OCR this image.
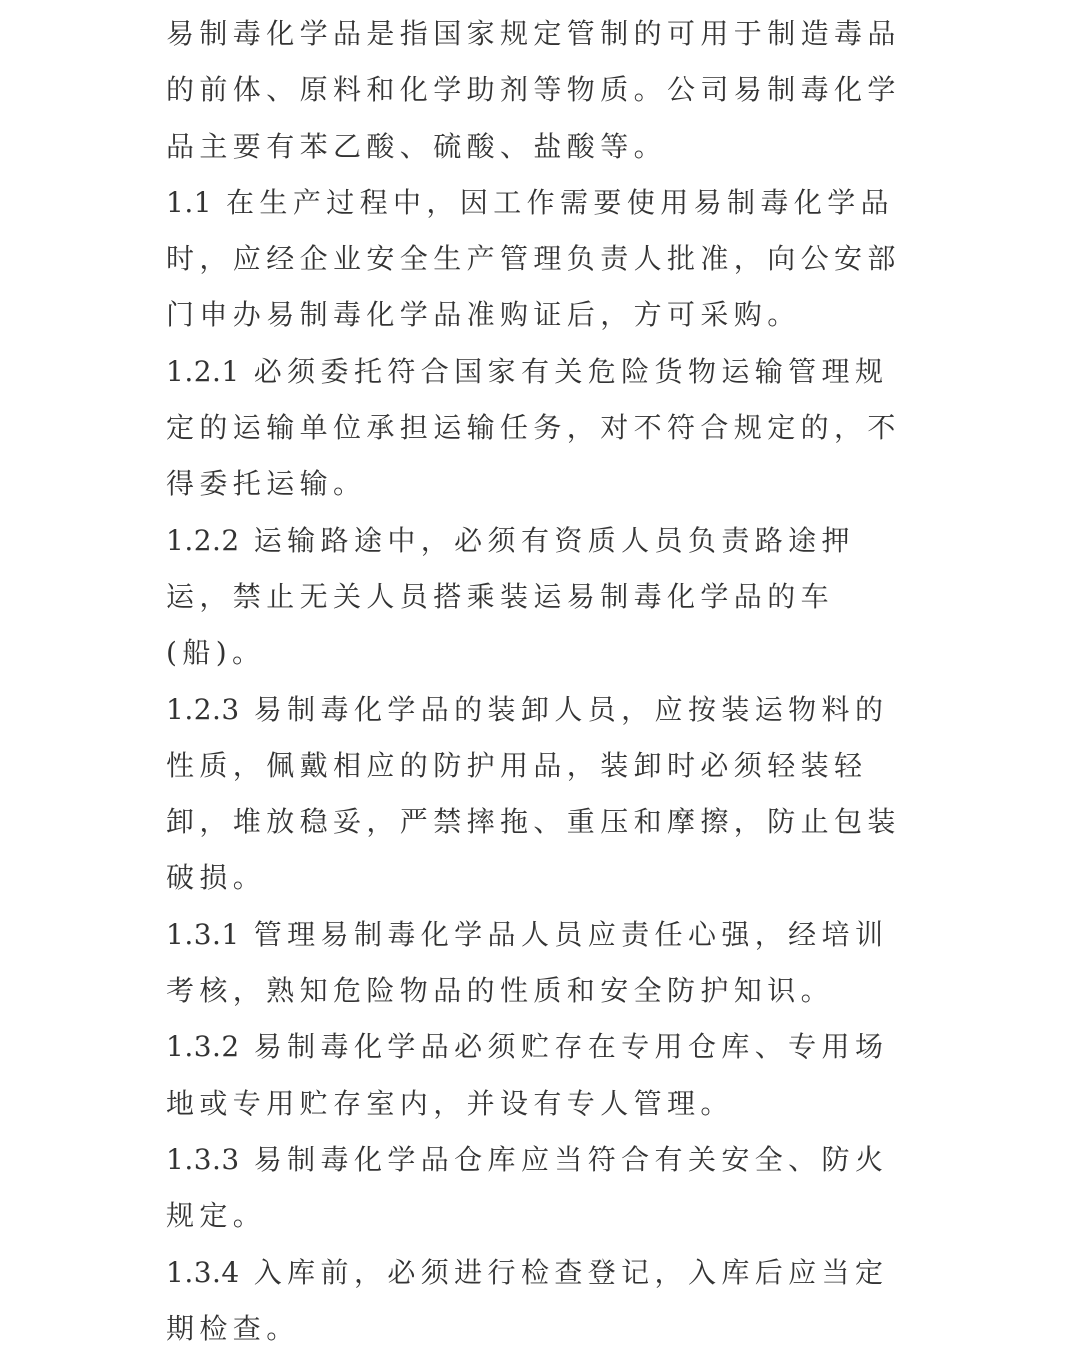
易制毒化学品是指国家规定管制的可用于制造毒品的前体、原料和化学助剂等物质。公司易制毒化学品主要有苯乙酸、硫酸、盐酸等。

1.1 在生产过程中，因工作需要使用易制毒化学品时，应经企业安全生产管理负责人批准，向公安部门申办易制毒化学品准购证后，方可采购。

1.2.1 必须委托符合国家有关危险货物运输管理规定的运输单位承担运输任务，对不符合规定的，不得委托运输。

1.2.2 运输路途中，必须有资质人员负责路途押运，禁止无关人员搭乘装运易制毒化学品的车(船)。

1.2.3 易制毒化学品的装卸人员，应按装运物料的性质，佩戴相应的防护用品，装卸时必须轻装轻卸，堆放稳妥，严禁摔拖、重压和摩擦，防止包装破损。

1.3.1 管理易制毒化学品人员应责任心强，经培训考核，熟知危险物品的性质和安全防护知识。

1.3.2 易制毒化学品必须贮存在专用仓库、专用场地或专用贮存室内，并设有专人管理。

1.3.3 易制毒化学品仓库应当符合有关安全、防火规定。

1.3.4 入库前，必须进行检查登记，入库后应当定期检查。
